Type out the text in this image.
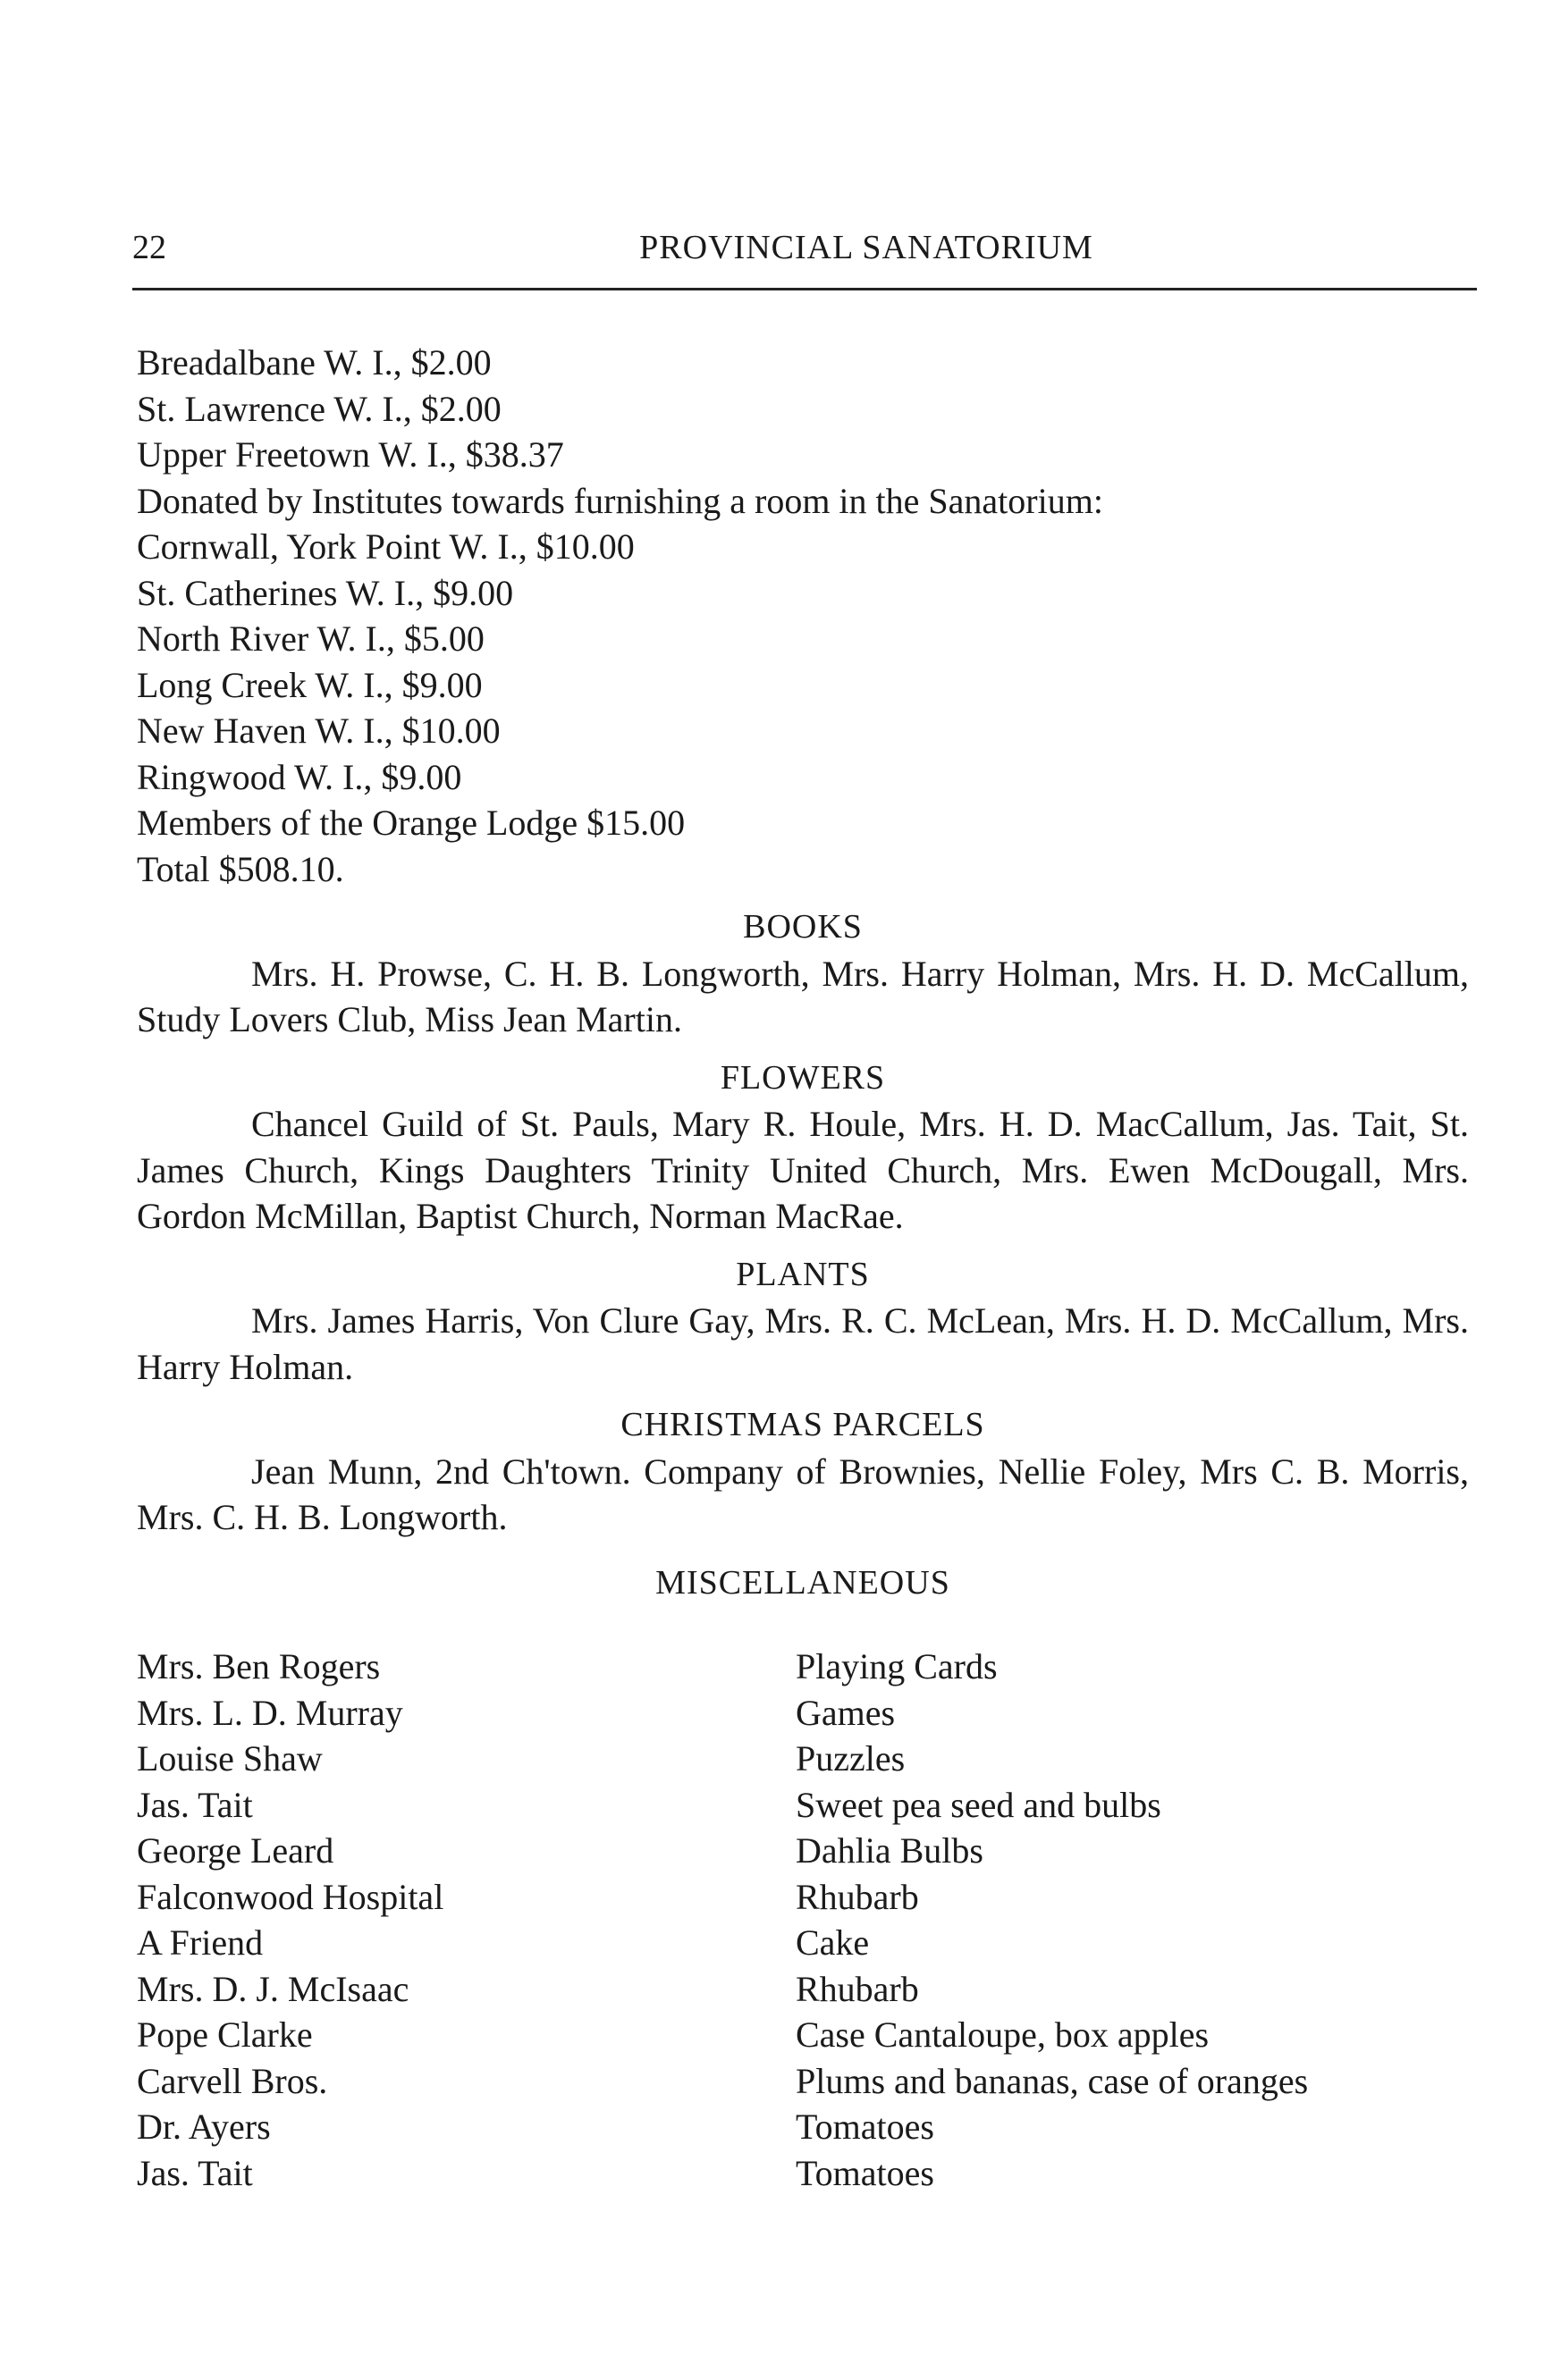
22	PROVINCIAL SANATORIUM
Breadalbane W. I., $2.00
St. Lawrence W. I., $2.00
Upper Freetown W. I., $38.37
Donated by Institutes towards furnishing a room in the Sanatorium:
Cornwall, York Point W. I., $10.00
St. Catherines W. I., $9.00
North River W. I., $5.00
Long Creek W. I., $9.00
New Haven W. I., $10.00
Ringwood W. I., $9.00
Members of the Orange Lodge $15.00
Total $508.10.
BOOKS
Mrs. H. Prowse, C. H. B. Longworth, Mrs. Harry Holman, Mrs. H. D. McCallum, Study Lovers Club, Miss Jean Martin.
FLOWERS
Chancel Guild of St. Pauls, Mary R. Houle, Mrs. H. D. MacCallum, Jas. Tait, St. James Church, Kings Daughters Trinity United Church, Mrs. Ewen McDougall, Mrs. Gordon McMillan, Baptist Church, Norman MacRae.
PLANTS
Mrs. James Harris, Von Clure Gay, Mrs. R. C. McLean, Mrs. H. D. McCallum, Mrs. Harry Holman.
CHRISTMAS PARCELS
Jean Munn, 2nd Ch'town. Company of Brownies, Nellie Foley, Mrs C. B. Morris, Mrs. C. H. B. Longworth.
MISCELLANEOUS
Mrs. Ben Rogers	Playing Cards
Mrs. L. D. Murray	Games
Louise Shaw	Puzzles
Jas. Tait	Sweet pea seed and bulbs
George Leard	Dahlia Bulbs
Falconwood Hospital	Rhubarb
A Friend	Cake
Mrs. D. J. McIsaac	Rhubarb
Pope Clarke	Case Cantaloupe, box apples
Carvell Bros.	Plums and bananas, case of oranges
Dr. Ayers	Tomatoes
Jas. Tait	Tomatoes
